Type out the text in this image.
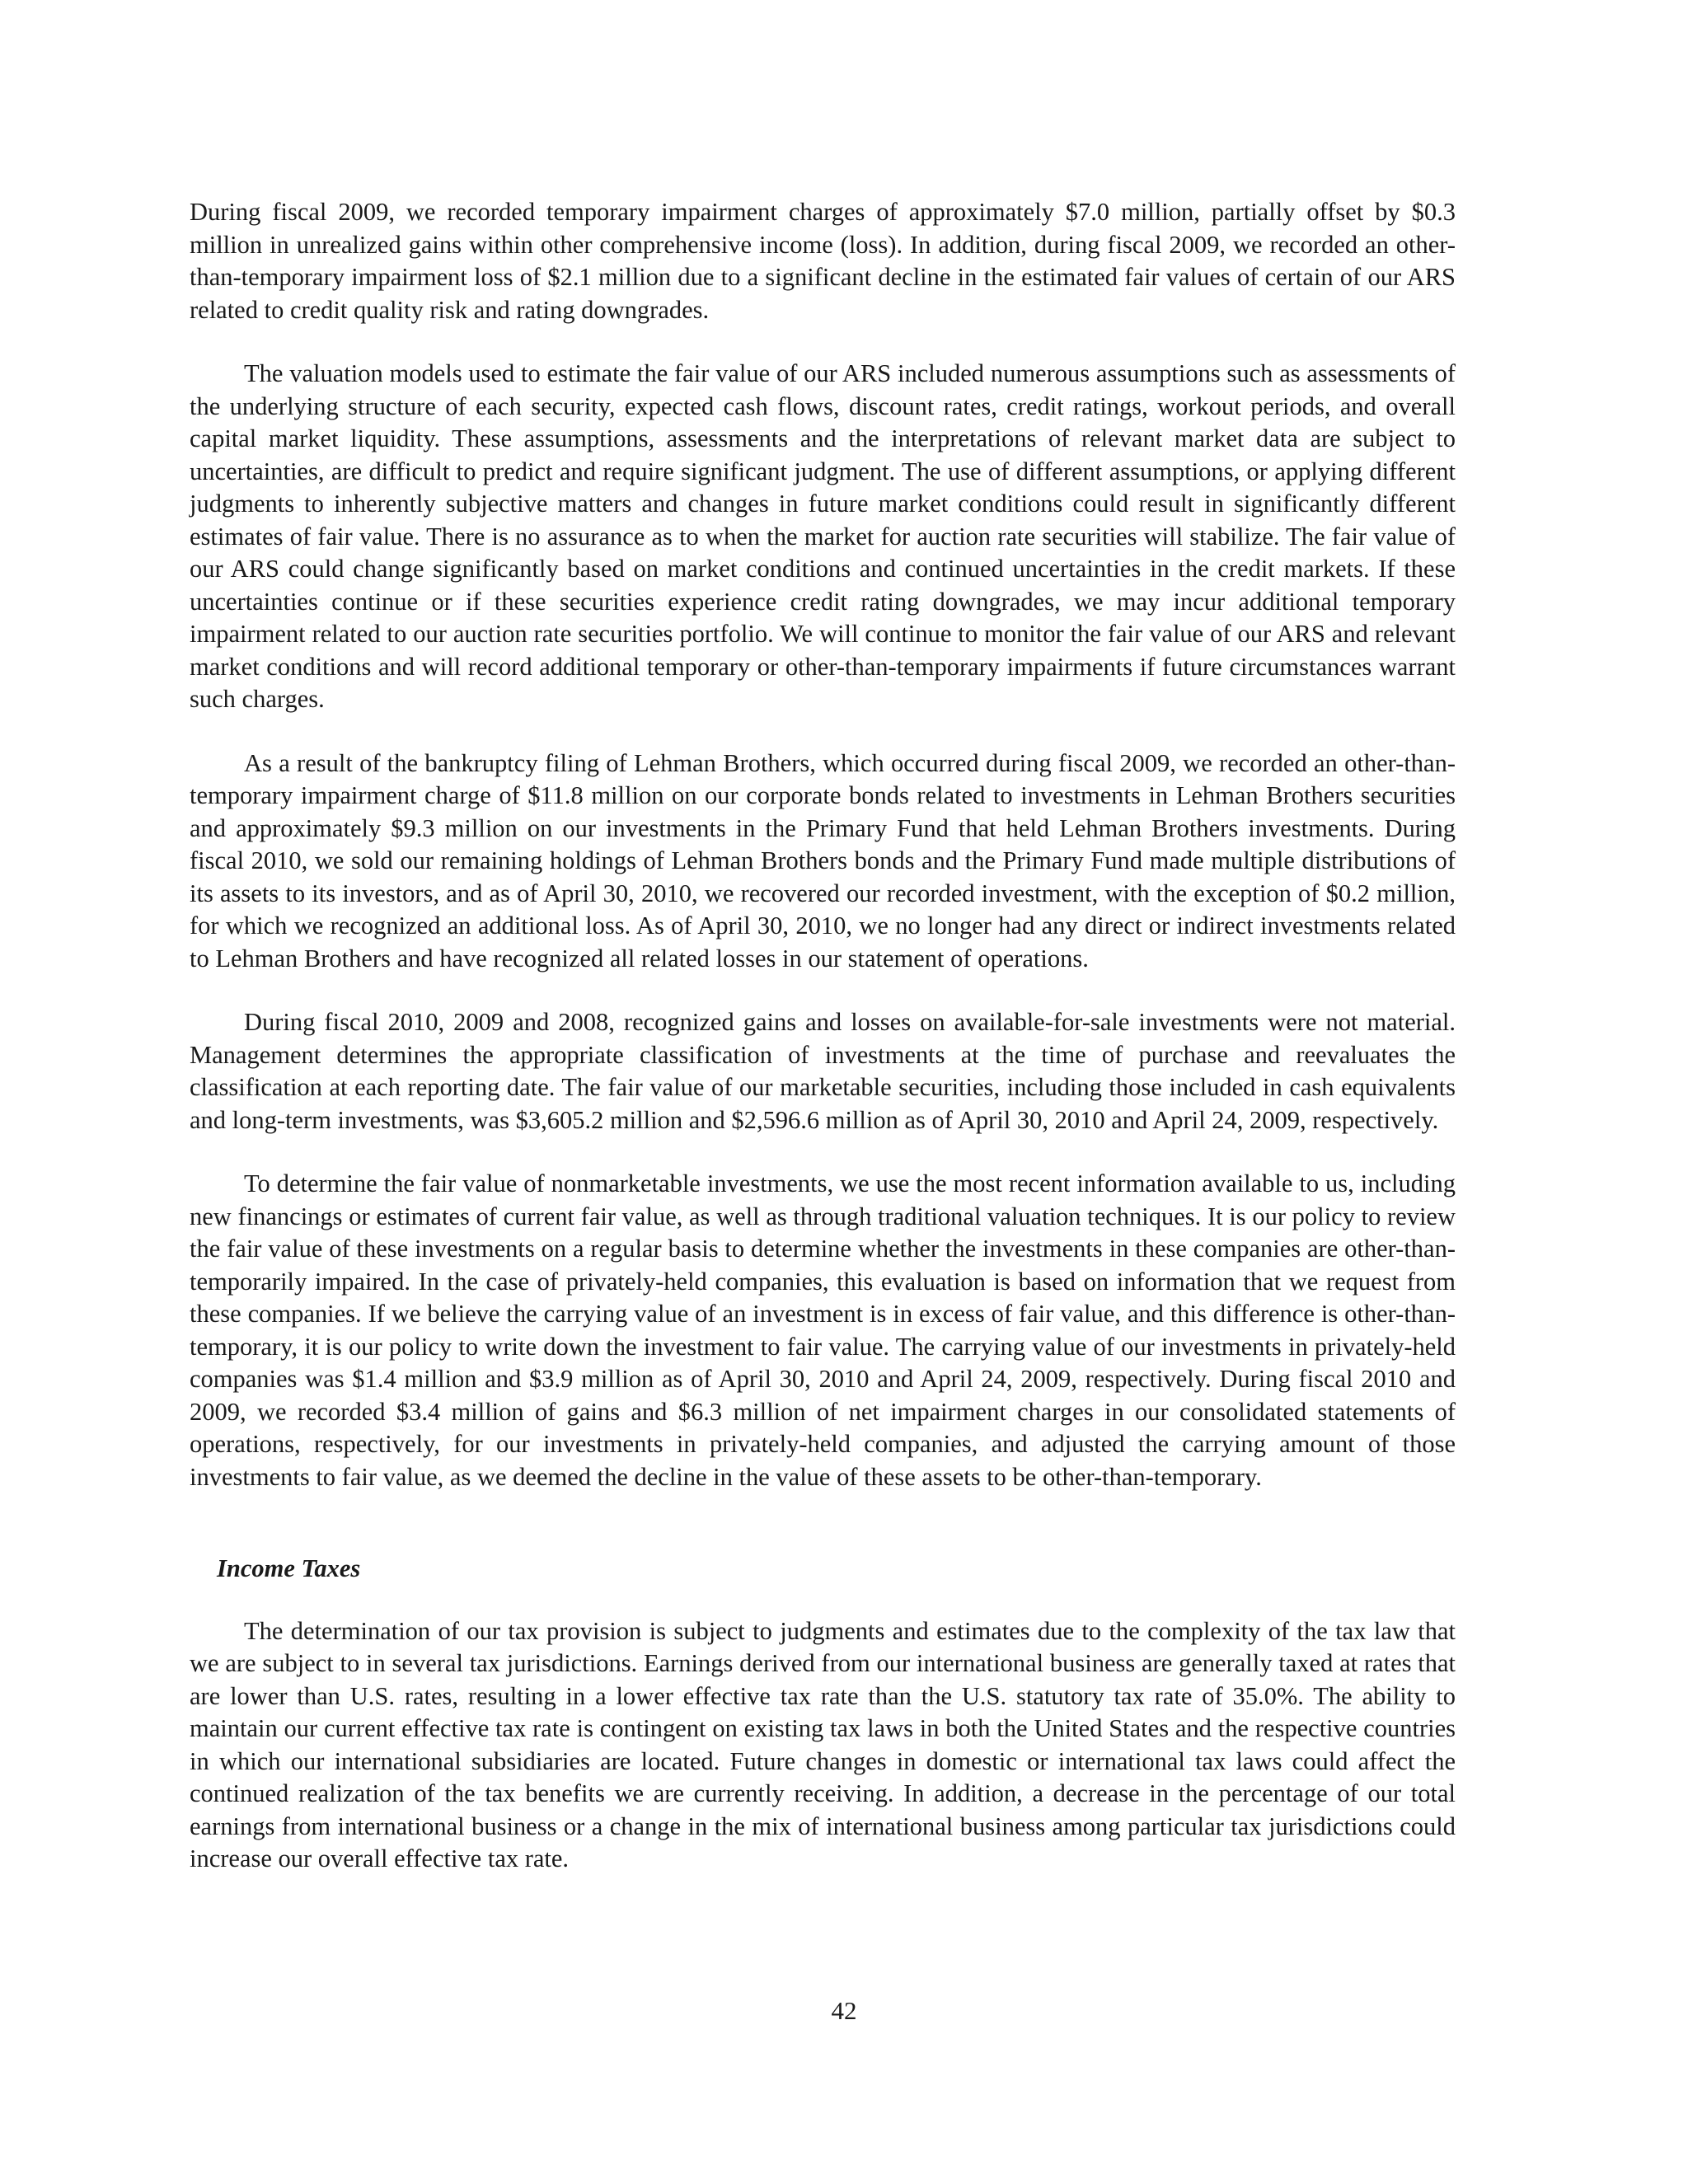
During fiscal 2009, we recorded temporary impairment charges of approximately $7.0 million, partially offset by $0.3 million in unrealized gains within other comprehensive income (loss). In addition, during fiscal 2009, we recorded an other-than-temporary impairment loss of $2.1 million due to a significant decline in the estimated fair values of certain of our ARS related to credit quality risk and rating downgrades.

The valuation models used to estimate the fair value of our ARS included numerous assumptions such as assessments of the underlying structure of each security, expected cash flows, discount rates, credit ratings, workout periods, and overall capital market liquidity. These assumptions, assessments and the interpretations of relevant market data are subject to uncertainties, are difficult to predict and require significant judgment. The use of different assumptions, or applying different judgments to inherently subjective matters and changes in future market conditions could result in significantly different estimates of fair value. There is no assurance as to when the market for auction rate securities will stabilize. The fair value of our ARS could change significantly based on market conditions and continued uncertainties in the credit markets. If these uncertainties continue or if these securities experience credit rating downgrades, we may incur additional temporary impairment related to our auction rate securities portfolio. We will continue to monitor the fair value of our ARS and relevant market conditions and will record additional temporary or other-than-temporary impairments if future circumstances warrant such charges.

As a result of the bankruptcy filing of Lehman Brothers, which occurred during fiscal 2009, we recorded an other-than-temporary impairment charge of $11.8 million on our corporate bonds related to investments in Lehman Brothers securities and approximately $9.3 million on our investments in the Primary Fund that held Lehman Brothers investments. During fiscal 2010, we sold our remaining holdings of Lehman Brothers bonds and the Primary Fund made multiple distributions of its assets to its investors, and as of April 30, 2010, we recovered our recorded investment, with the exception of $0.2 million, for which we recognized an additional loss. As of April 30, 2010, we no longer had any direct or indirect investments related to Lehman Brothers and have recognized all related losses in our statement of operations.

During fiscal 2010, 2009 and 2008, recognized gains and losses on available-for-sale investments were not material. Management determines the appropriate classification of investments at the time of purchase and reevaluates the classification at each reporting date. The fair value of our marketable securities, including those included in cash equivalents and long-term investments, was $3,605.2 million and $2,596.6 million as of April 30, 2010 and April 24, 2009, respectively.

To determine the fair value of nonmarketable investments, we use the most recent information available to us, including new financings or estimates of current fair value, as well as through traditional valuation techniques. It is our policy to review the fair value of these investments on a regular basis to determine whether the investments in these companies are other-than-temporarily impaired. In the case of privately-held companies, this evaluation is based on information that we request from these companies. If we believe the carrying value of an investment is in excess of fair value, and this difference is other-than-temporary, it is our policy to write down the investment to fair value. The carrying value of our investments in privately-held companies was $1.4 million and $3.9 million as of April 30, 2010 and April 24, 2009, respectively. During fiscal 2010 and 2009, we recorded $3.4 million of gains and $6.3 million of net impairment charges in our consolidated statements of operations, respectively, for our investments in privately-held companies, and adjusted the carrying amount of those investments to fair value, as we deemed the decline in the value of these assets to be other-than-temporary.

Income Taxes

The determination of our tax provision is subject to judgments and estimates due to the complexity of the tax law that we are subject to in several tax jurisdictions. Earnings derived from our international business are generally taxed at rates that are lower than U.S. rates, resulting in a lower effective tax rate than the U.S. statutory tax rate of 35.0%. The ability to maintain our current effective tax rate is contingent on existing tax laws in both the United States and the respective countries in which our international subsidiaries are located. Future changes in domestic or international tax laws could affect the continued realization of the tax benefits we are currently receiving. In addition, a decrease in the percentage of our total earnings from international business or a change in the mix of international business among particular tax jurisdictions could increase our overall effective tax rate.

42
